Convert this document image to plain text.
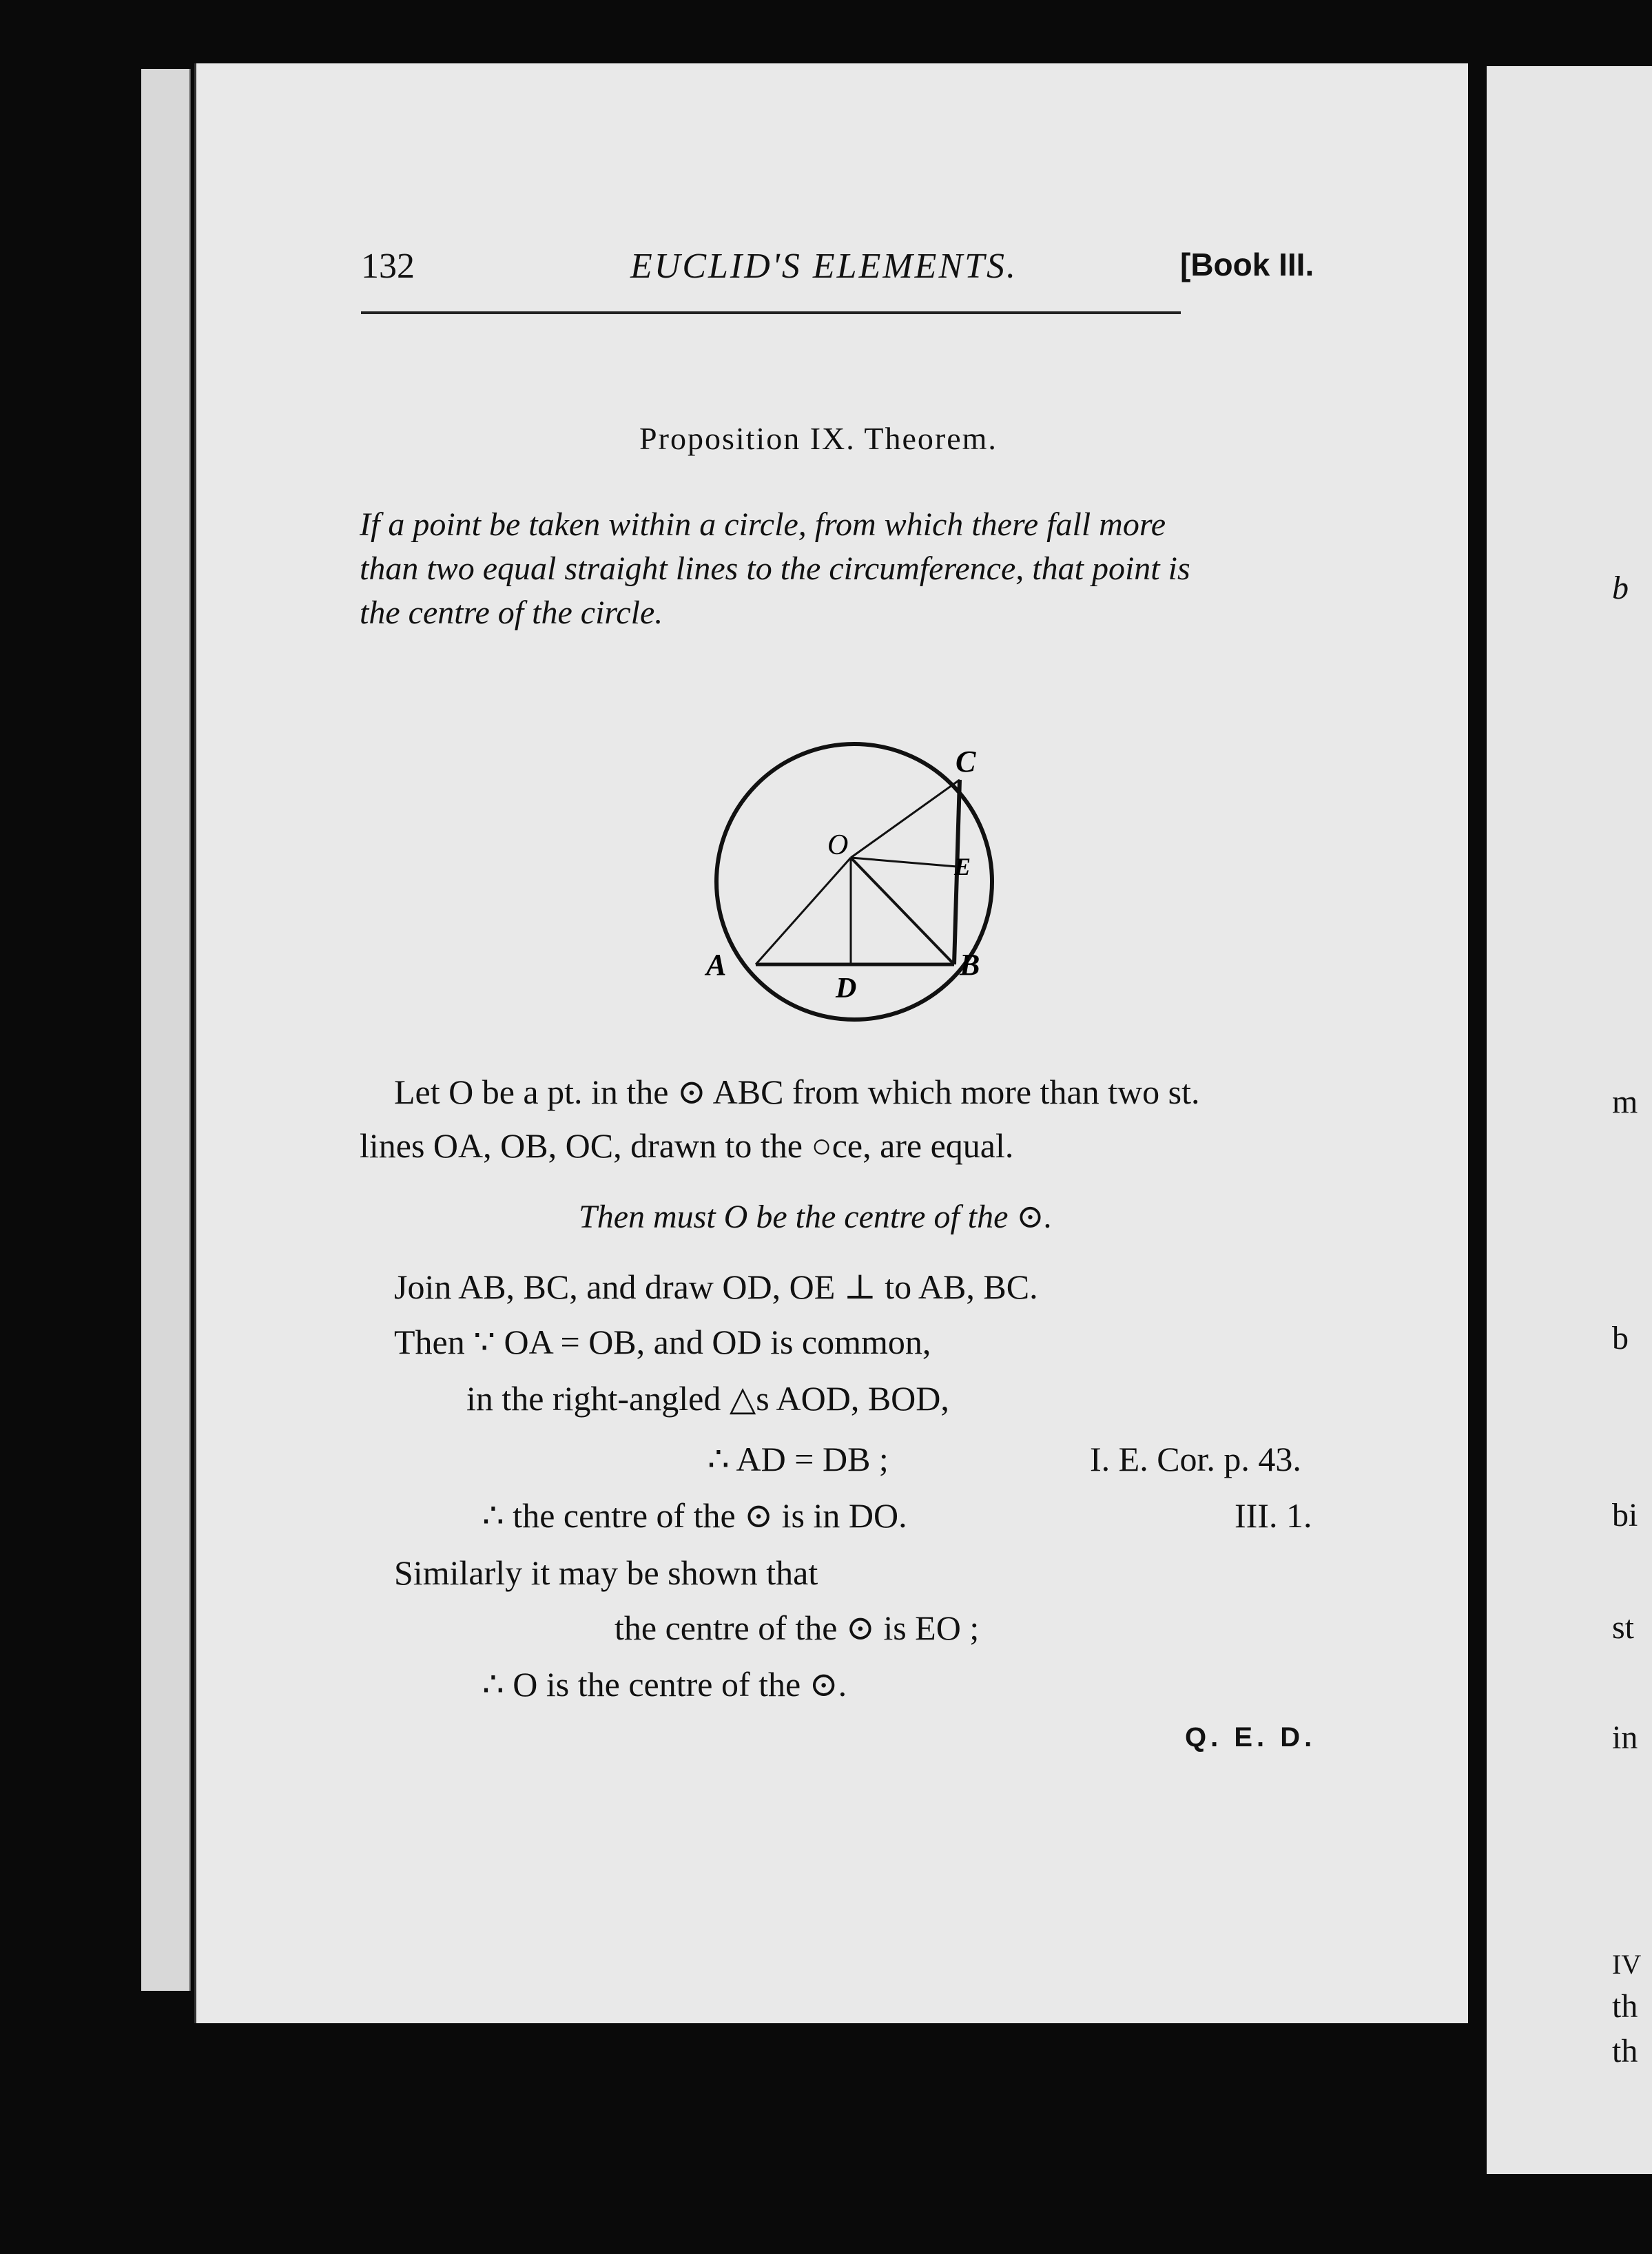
132	EUCLID'S ELEMENTS.	[Book III.
Proposition IX. Theorem.
If a point be taken within a circle, from which there fall more
than two equal straight lines to the circumference, that point is
the centre of the circle.
A	B
C
D
E
O
Let O be a pt. in the ⊙ ABC from which more than two st.
lines OA, OB, OC, drawn to the ○ce, are equal.
Then must O be the centre of the ⊙.
Join AB, BC, and draw OD, OE ⊥ to AB, BC.
Then ∵ OA = OB, and OD is common,
in the right-angled △s AOD, BOD,
∴ AD = DB ;	I. E. Cor. p. 43.
∴ the centre of the ⊙ is in DO.	III. 1.
Similarly it may be shown that
the centre of the ⊙ is EO ;
∴ O is the centre of the ⊙.
Q. E. D.
b
m
b
bi
st
in
IV
th
th
